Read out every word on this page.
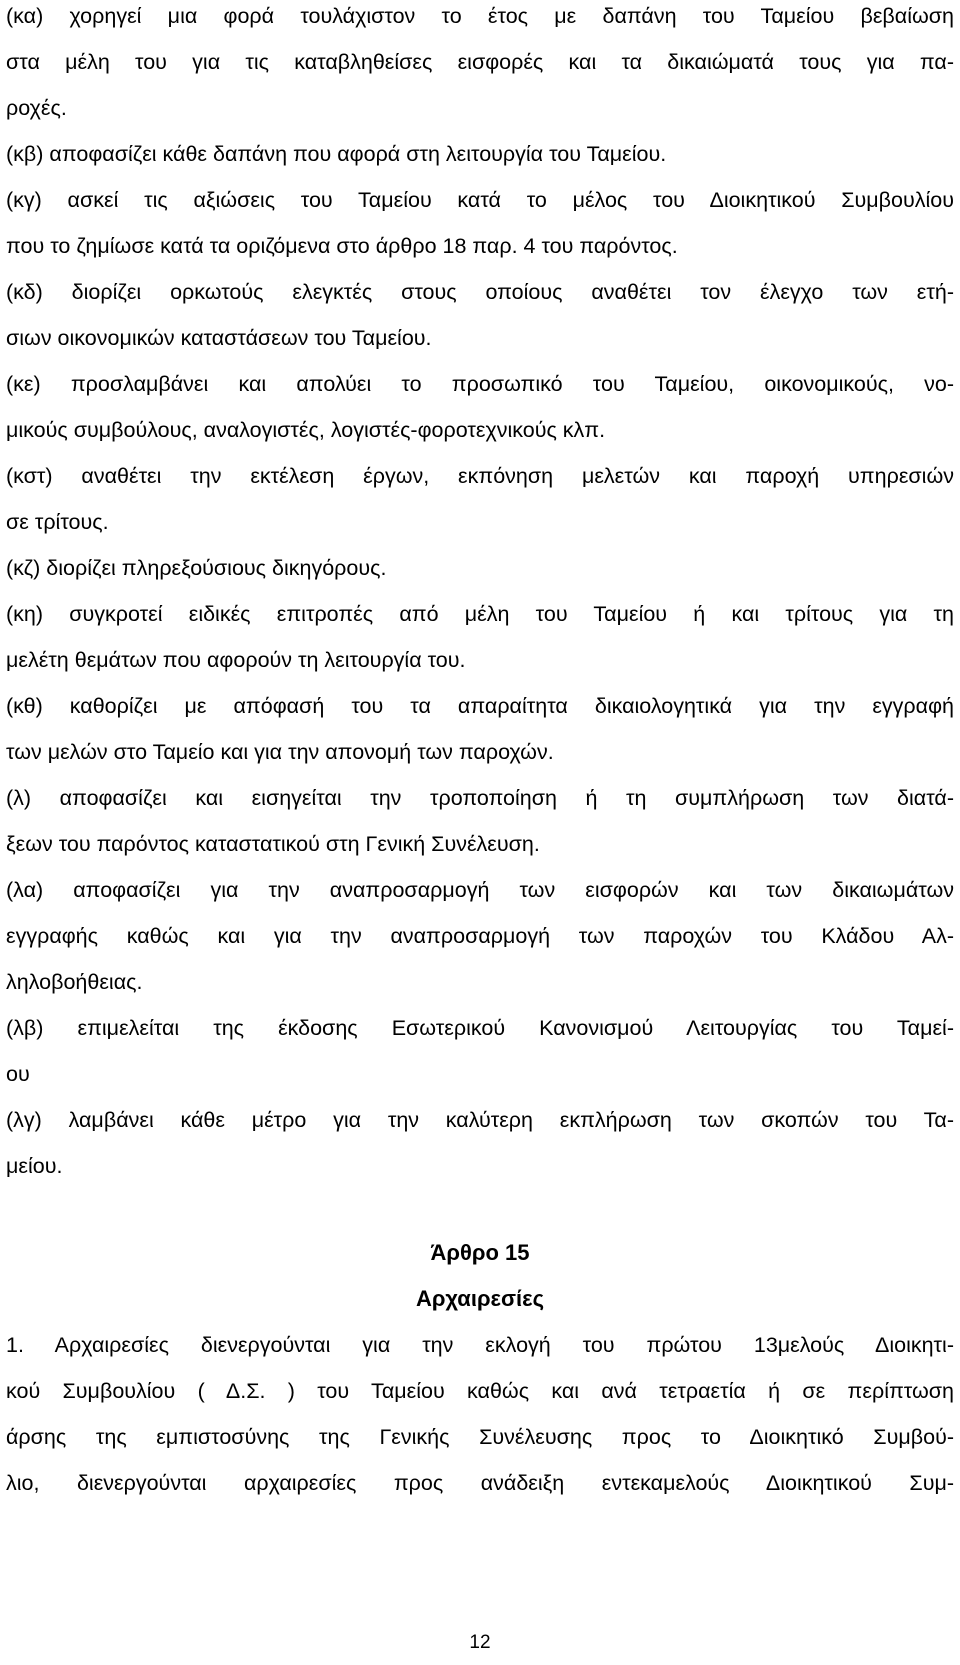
(κα) χορηγεί μια φορά τουλάχιστον το έτος με δαπάνη του Ταμείου βεβαίωση
στα μέλη του για τις καταβληθείσες εισφορές και τα δικαιώματά τους για πα-
ροχές.
(κβ) αποφασίζει κάθε δαπάνη που αφορά στη λειτουργία του Ταμείου.
(κγ) ασκεί τις αξιώσεις του Ταμείου κατά το μέλος του Διοικητικού Συμβουλίου
που το ζημίωσε κατά τα οριζόμενα στο άρθρο 18 παρ. 4 του παρόντος.
(κδ) διορίζει ορκωτούς ελεγκτές στους οποίους αναθέτει τον έλεγχο των ετή-
σιων οικονομικών καταστάσεων του Ταμείου.
(κε) προσλαμβάνει και απολύει το προσωπικό του Ταμείου, οικονομικούς, νο-
μικούς συμβούλους, αναλογιστές, λογιστές-φοροτεχνικούς κλπ.
(κστ) αναθέτει την εκτέλεση έργων, εκπόνηση μελετών και παροχή υπηρεσιών
σε τρίτους.
(κζ) διορίζει πληρεξούσιους δικηγόρους.
(κη) συγκροτεί ειδικές επιτροπές από μέλη του Ταμείου ή και τρίτους για τη
μελέτη θεμάτων που αφορούν τη λειτουργία του.
(κθ) καθορίζει με απόφασή του τα απαραίτητα δικαιολογητικά για την εγγραφή
των μελών στο Ταμείο και για την απονομή των παροχών.
(λ) αποφασίζει και εισηγείται την τροποποίηση ή τη συμπλήρωση των διατά-
ξεων του παρόντος καταστατικού στη Γενική Συνέλευση.
(λα) αποφασίζει για την αναπροσαρμογή των εισφορών και των δικαιωμάτων
εγγραφής καθώς και για την αναπροσαρμογή των παροχών του Κλάδου Αλ-
ληλοβοήθειας.
(λβ) επιμελείται της έκδοσης Εσωτερικού Κανονισμού Λειτουργίας του Ταμεί-
ου
(λγ) λαμβάνει κάθε μέτρο για την καλύτερη εκπλήρωση των σκοπών του Τα-
μείου.
Άρθρο 15
Αρχαιρεσίες
1. Αρχαιρεσίες διενεργούνται για την εκλογή του πρώτου 13μελούς Διοικητι-
κού Συμβουλίου ( Δ.Σ. ) του Ταμείου καθώς και ανά τετραετία ή σε περίπτωση
άρσης της εμπιστοσύνης της Γενικής Συνέλευσης προς το Διοικητικό Συμβού-
λιο, διενεργούνται αρχαιρεσίες προς ανάδειξη εντεκαμελούς Διοικητικού Συμ-
12
